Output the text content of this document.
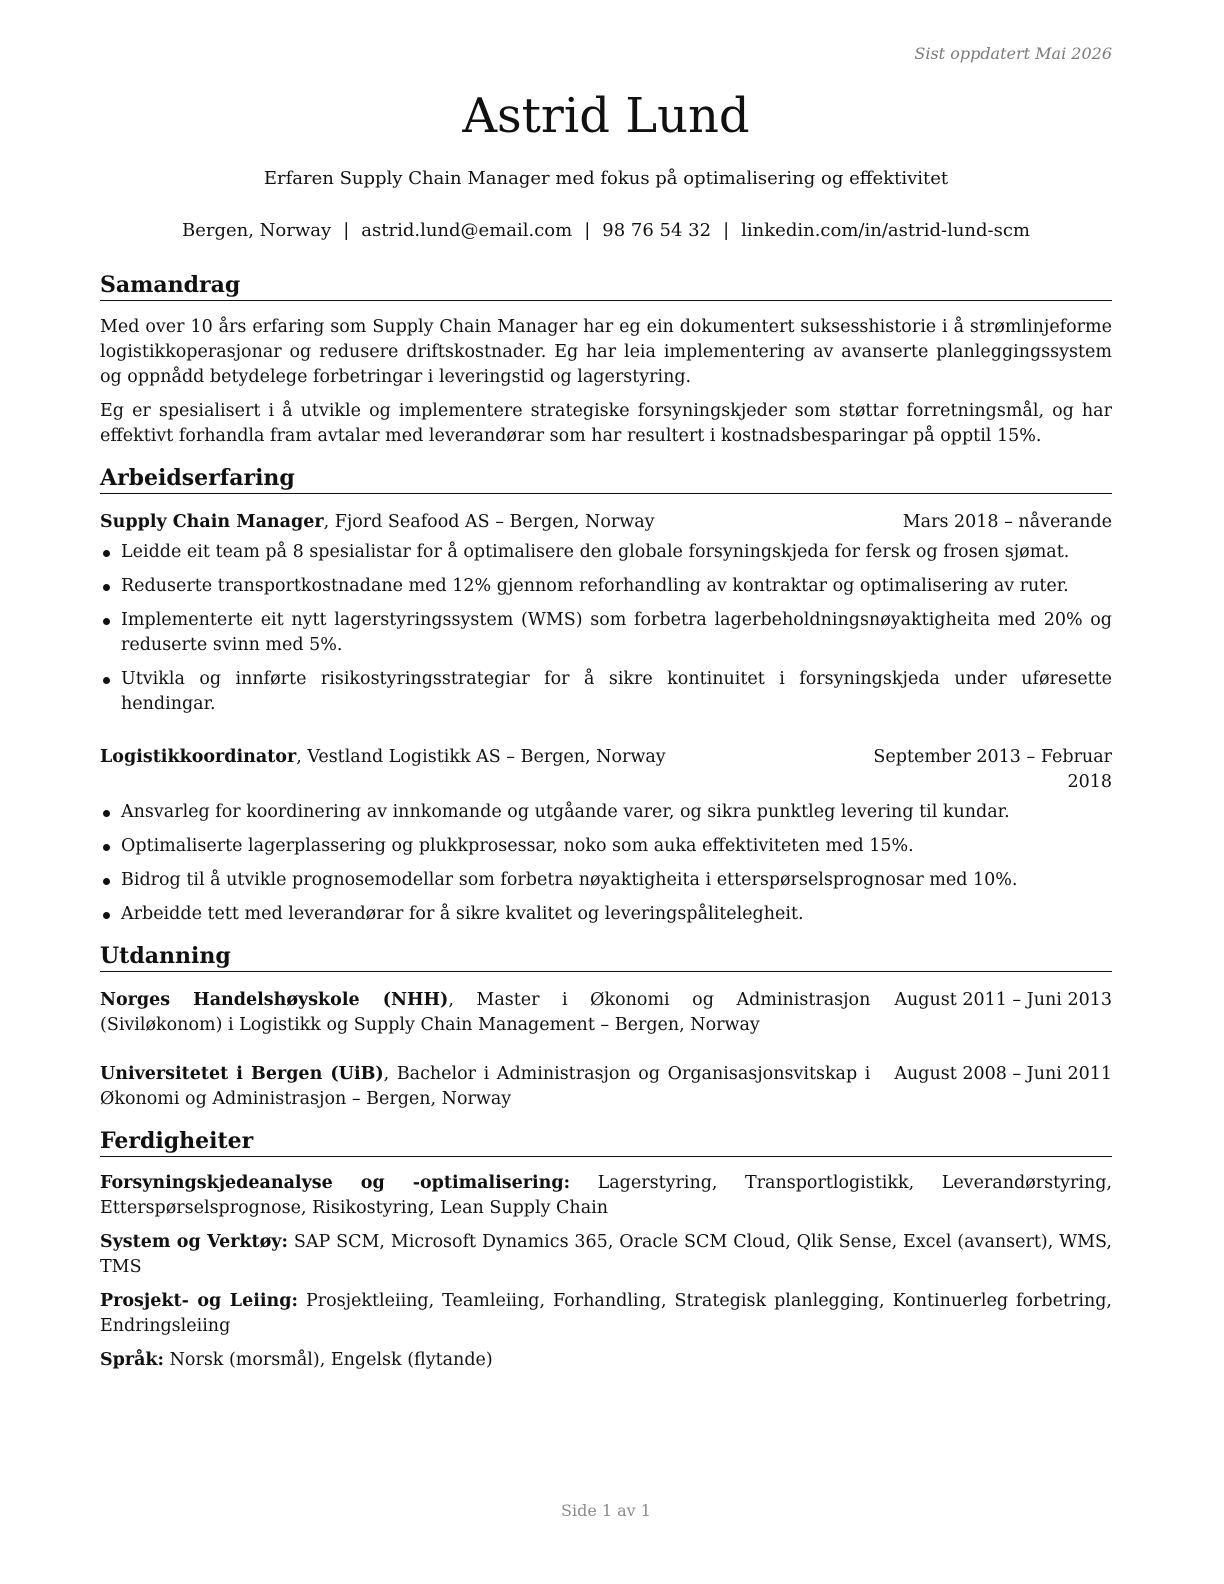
Sist oppdatert Mai 2026
Astrid Lund
Erfaren Supply Chain Manager med fokus på optimalisering og effektivitet
Bergen, Norway | astrid.lund@email.com | 98 76 54 32 | linkedin.com/in/astrid-lund-scm
Samandrag

Med over 10 års erfaring som Supply Chain Manager har eg ein dokumentert suksesshistorie i å strømlinjeforme logistikkoperasjonar og redusere driftskostnader. Eg har leia implementering av avanserte planleggingssystem og oppnådd betydelege forbetringar i leveringstid og lagerstyring.

Eg er spesialisert i å utvikle og implementere strategiske forsyningskjeder som støttar forretningsmål, og har effektivt forhandla fram avtalar med leverandørar som har resultert i kostnadsbesparingar på opptil 15%.

Arbeidserfaring
Supply Chain Manager, Fjord Seafood AS – Bergen, Norway	Mars 2018 – nåverande
Leidde eit team på 8 spesialistar for å optimalisere den globale forsyningskjeda for fersk og frosen sjømat.
Reduserte transportkostnadane med 12% gjennom reforhandling av kontraktar og optimalisering av ruter.
Implementerte eit nytt lagerstyringssystem (WMS) som forbetra lagerbeholdningsnøyaktigheita med 20% og reduserte svinn med 5%.
Utvikla og innførte risikostyringsstrategiar for å sikre kontinuitet i forsyningskjeda under uføresette hendingar.
Logistikkoordinator, Vestland Logistikk AS – Bergen, Norway	September 2013 – Februar 2018
Ansvarleg for koordinering av innkomande og utgåande varer, og sikra punktleg levering til kundar.
Optimaliserte lagerplassering og plukkprosessar, noko som auka effektiviteten med 15%.
Bidrog til å utvikle prognosemodellar som forbetra nøyaktigheita i etterspørselsprognosar med 10%.
Arbeidde tett med leverandørar for å sikre kvalitet og leveringspålitelegheit.
Utdanning
Norges Handelshøyskole (NHH), Master i Økonomi og Administrasjon (Siviløkonom) i Logistikk og Supply Chain Management – Bergen, Norway
August 2011 – Juni 2013
Universitetet i Bergen (UiB), Bachelor i Administrasjon og Organisasjonsvitskap i Økonomi og Administrasjon – Bergen, Norway
August 2008 – Juni 2011
Ferdigheiter
Forsyningskjedeanalyse og -optimalisering: Lagerstyring, Transportlogistikk, Leverandørstyring, Etterspørselsprognose, Risikostyring, Lean Supply Chain
System og Verktøy: SAP SCM, Microsoft Dynamics 365, Oracle SCM Cloud, Qlik Sense, Excel (avansert), WMS, TMS
Prosjekt- og Leiing: Prosjektleiing, Teamleiing, Forhandling, Strategisk planlegging, Kontinuerleg forbetring, Endringsleiing
Språk: Norsk (morsmål), Engelsk (flytande)
Side 1 av 1
